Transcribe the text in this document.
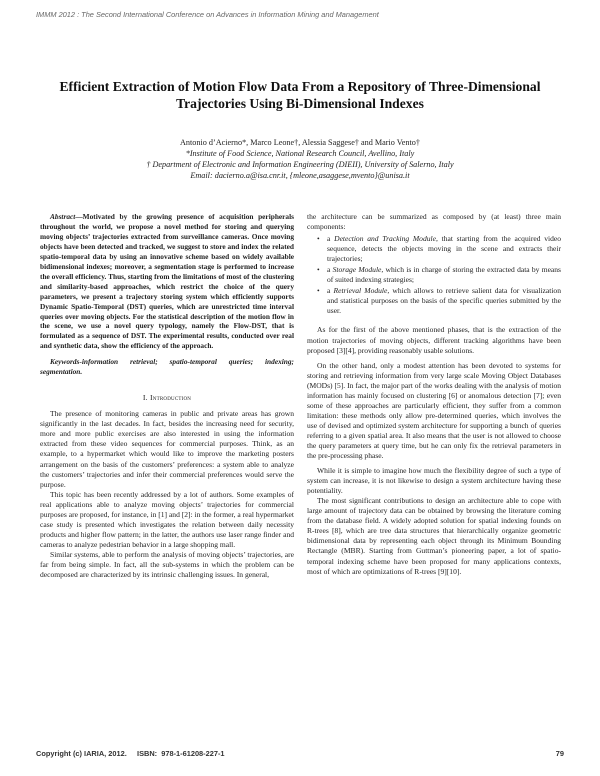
IMMM 2012 : The Second International Conference on Advances in Information Mining and Management
Efficient Extraction of Motion Flow Data From a Repository of Three-Dimensional Trajectories Using Bi-Dimensional Indexes
Antonio d’Acierno*, Marco Leone†, Alessia Saggese† and Mario Vento†
*Institute of Food Science, National Research Council, Avellino, Italy
† Department of Electronic and Information Engineering (DIEII), University of Salerno, Italy
Email: dacierno.a@isa.cnr.it, {mleone,asaggese,mvento}@unisa.it

Abstract—Motivated by the growing presence of acquisition peripherals throughout the world, we propose a novel method for storing and querying moving objects’ trajectories extracted from surveillance cameras. Once moving objects have been detected and tracked, we suggest to store and index the related spatio-temporal data by using an innovative scheme based on widely available bidimensional indexes; moreover, a segmentation stage is performed to increase the overall efficiency. Thus, starting from the limitations of most of the clustering and similarity-based approaches, which restrict the choice of the query parameters, we present a trajectory storing system which efficiently supports Dynamic Spatio-Temporal (DST) queries, which are unrestricted time interval queries over moving objects. For the statistical description of the motion flow in the scene, we use a novel query typology, namely the Flow-DST, that is formulated as a sequence of DST. The experimental results, conducted over real and synthetic data, show the efficiency of the approach.

Keywords-information retrieval; spatio-temporal queries; indexing; segmentation.

I. Introduction

The presence of monitoring cameras in public and private areas has grown significantly in the last decades. In fact, besides the increasing need for security, more and more public exercises are also interested in using the information extracted from these video sequences for commercial purposes. Think, as an example, to a hypermarket which would like to improve the marketing posters arrangement on the basis of the customers’ preferences: a system able to analyze the customers’ trajectories and infer their commercial preferences would serve the purpose.

This topic has been recently addressed by a lot of authors. Some examples of real applications able to analyze moving objects’ trajectories for commercial purposes are proposed, for instance, in [1] and [2]: in the former, a real hypermarket case study is presented which investigates the relation between daily necessity products and higher flow pattern; in the latter, the authors use laser range finder and cameras to analyze pedestrian behavior in a large shopping mall.

Similar systems, able to perform the analysis of moving objects’ trajectories, are far from being simple. In fact, all the sub-systems in which the problem can be decomposed are characterized by its intrinsic challenging issues. In general,

the architecture can be summarized as composed by (at least) three main components:

• a Detection and Tracking Module, that starting from the acquired video sequence, detects the objects moving in the scene and extracts their trajectories;
• a Storage Module, which is in charge of storing the extracted data by means of suited indexing strategies;
• a Retrieval Module, which allows to retrieve salient data for visualization and statistical purposes on the basis of the specific queries submitted by the user.

As for the first of the above mentioned phases, that is the extraction of the motion trajectories of moving objects, different tracking algorithms have been proposed [3][4], providing reasonably usable solutions.

On the other hand, only a modest attention has been devoted to systems for storing and retrieving information from very large scale Moving Object Databases (MODs) [5]. In fact, the major part of the works dealing with the analysis of motion information has mainly focused on clustering [6] or anomalous detection [7]; even some of these approaches are particularly efficient, they suffer from a common limitation: these methods only allow pre-determined queries, which involves the use of devised and optimized system architecture for supporting a bunch of queries referring to a given spatial area. It also means that the user is not allowed to choose the query parameters at query time, but he can only fix the retrieval parameters in the pre-processing phase.

While it is simple to imagine how much the flexibility degree of such a type of system can increase, it is not likewise to design a system architecture having these potentiality.

The most significant contributions to design an architecture able to cope with large amount of trajectory data can be obtained by browsing the literature coming from the database field. A widely adopted solution for spatial indexing founds on R-trees [8], which are tree data structures that hierarchically organize geometric bidimensional data by representing each object through its Minimum Bounding Rectangle (MBR). Starting from Guttman’s pioneering paper, a lot of spatio-temporal indexing scheme have been proposed for many applications contexts, most of which are optimizations of R-trees [9][10].

Copyright (c) IARIA, 2012.     ISBN:  978-1-61208-227-1	79
